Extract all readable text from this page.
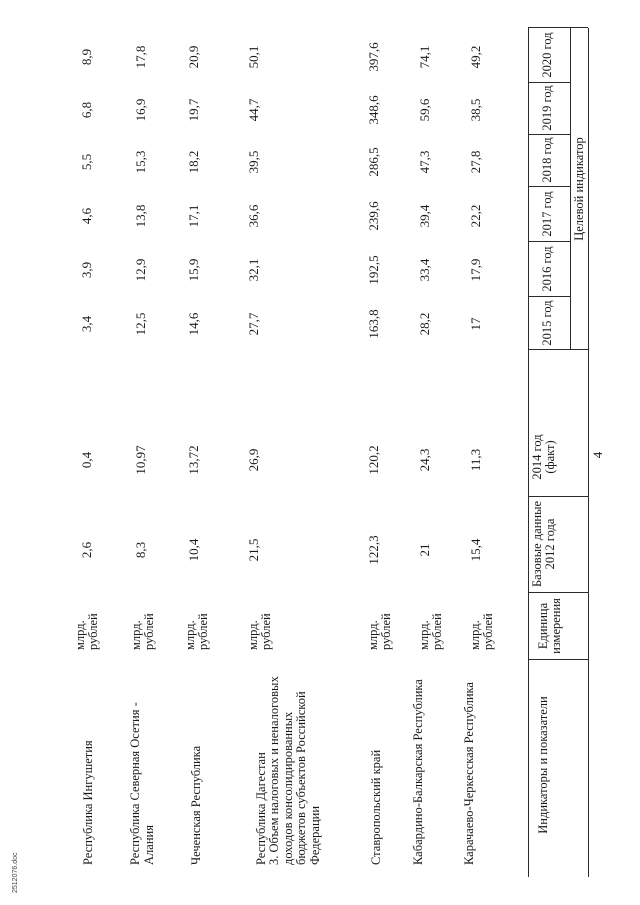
4
Индикаторы и показатели
Единица измерения
Базовые данные 2012 года
2014 год (факт)
Целевой индикатор
2015 год
2016 год
2017 год
2018 год
2019 год
2020 год
Карачаево-Черкесская Республика
млрд. рублей
15,4
11,3
17
17,9
22,2
27,8
38,5
49,2
Кабардино-Балкарская Республика
млрд. рублей
21
24,3
28,2
33,4
39,4
47,3
59,6
74,1
Ставропольский край
млрд. рублей
122,3
120,2
163,8
192,5
239,6
286,5
348,6
397,6
3. Объем налоговых и неналоговых доходов консолидированных бюджетов субъектов Российской Федерации
Республика Дагестан
млрд. рублей
21,5
26,9
27,7
32,1
36,6
39,5
44,7
50,1
Чеченская Республика
млрд. рублей
10,4
13,72
14,6
15,9
17,1
18,2
19,7
20,9
Республика Северная Осетия - Алания
млрд. рублей
8,3
10,97
12,5
12,9
13,8
15,3
16,9
17,8
Республика Ингушетия
млрд. рублей
2,6
0,4
3,4
3,9
4,6
5,5
6,8
8,9
2512076.doc
